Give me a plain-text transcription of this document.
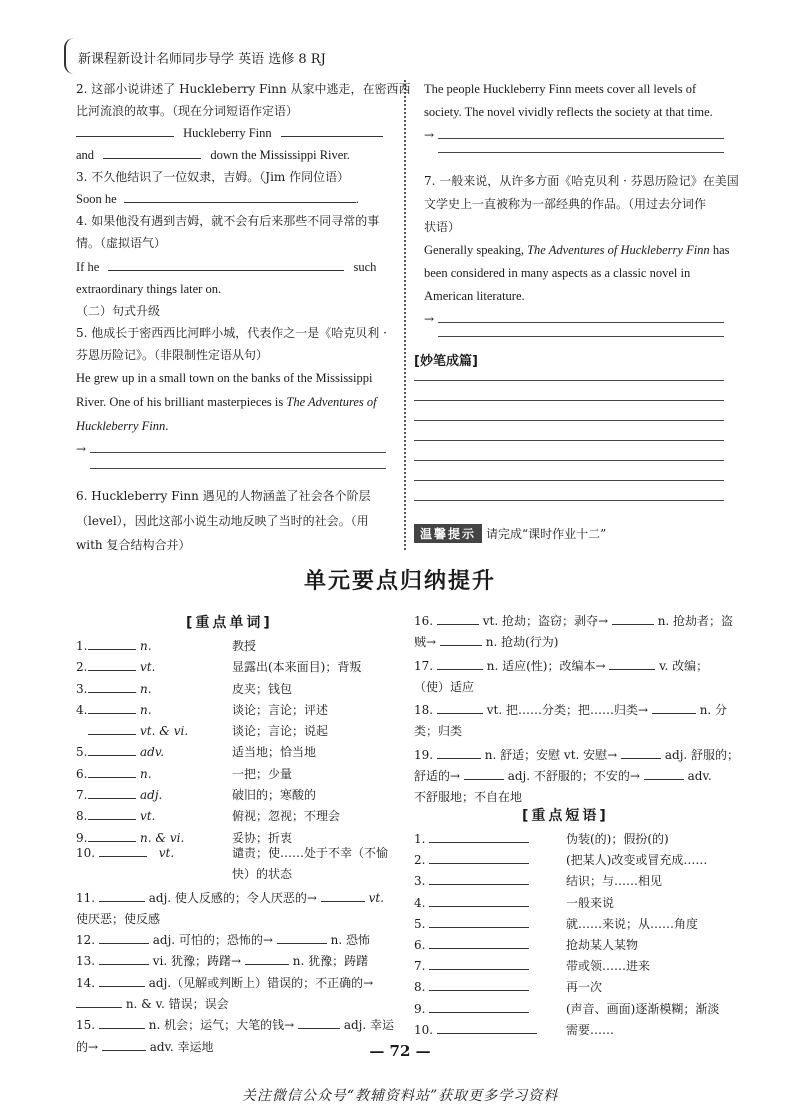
新课程新设计名师同步导学 英语 选修 8 RJ
2. 这部小说讲述了 Huckleberry Finn 从家中逃走，在密西西
比河流浪的故事。（现在分词短语作定语）
Huckleberry Finn
and	down the Mississippi River.
3. 不久他结识了一位奴隶，吉姆。（Jim 作同位语）
Soon he	.
4. 如果他没有遇到吉姆，就不会有后来那些不同寻常的事
情。（虚拟语气）
If he	such
extraordinary things later on.
（二）句式升级
5. 他成长于密西西比河畔小城，代表作之一是《哈克贝利 ·
芬恩历险记》。（非限制性定语从句）
He grew up in a small town on the banks of the Mississippi
River. One of his brilliant masterpieces is The Adventures of
Huckleberry Finn.
→
6. Huckleberry Finn 遇见的人物涵盖了社会各个阶层
（level），因此这部小说生动地反映了当时的社会。（用
with 复合结构合并）
The people Huckleberry Finn meets cover all levels of
society. The novel vividly reflects the society at that time.
→
7. 一般来说，从许多方面《哈克贝利 · 芬恩历险记》在美国
文学史上一直被称为一部经典的作品。（用过去分词作
状语）
Generally speaking, The Adventures of Huckleberry Finn has
been considered in many aspects as a classic novel in
American literature.
→
[妙笔成篇]
温馨提示 请完成“课时作业十二”
单元要点归纳提升
[重点单词]
1.	n.	教授
2.	vt.	显露出(本来面目)；背叛
3.	n.	皮夹；钱包
4.	n.	谈论；言论；评述
vt. & vi.	谈论；言论；说起
5.	adv.	适当地；恰当地
6.	n.	一把；少量
7.	adj.	破旧的；寒酸的
8.	vt.	俯视；忽视；不理会
9.	n. & vi.	妥协；折衷
10.	vt.	谴责；使……处于不幸（不愉
快）的状态
11.	adj. 使人反感的；令人厌恶的→	vt.
使厌恶；使反感
12.	adj. 可怕的；恐怖的→	n. 恐怖
13.	vi. 犹豫；踌躇→	n. 犹豫；踌躇
14.	adj.（见解或判断上）错误的；不正确的→
n. & v. 错误；误会
15.	n. 机会；运气；大笔的钱→	adj. 幸运
的→	adv. 幸运地
16.	vt. 抢劫；盗窃；剥夺→	n. 抢劫者；盗
贼→	n. 抢劫(行为)
17.	n. 适应(性)；改编本→	v. 改编；
（使）适应
18.	vt. 把……分类；把……归类→	n. 分
类；归类
19.	n. 舒适；安慰 vt. 安慰→	adj. 舒服的；
舒适的→	adj. 不舒服的；不安的→	adv.
不舒服地；不自在地
[重点短语]
1.	伪装(的)；假扮(的)
2.	(把某人)改变或冒充成……
3.	结识；与……相见
4.	一般来说
5.	就……来说；从……角度
6.	抢劫某人某物
7.	带或领……进来
8.	再一次
9.	(声音、画面)逐渐模糊；渐淡
10.	需要……
— 72 —
关注微信公众号“教辅资料站”获取更多学习资料
